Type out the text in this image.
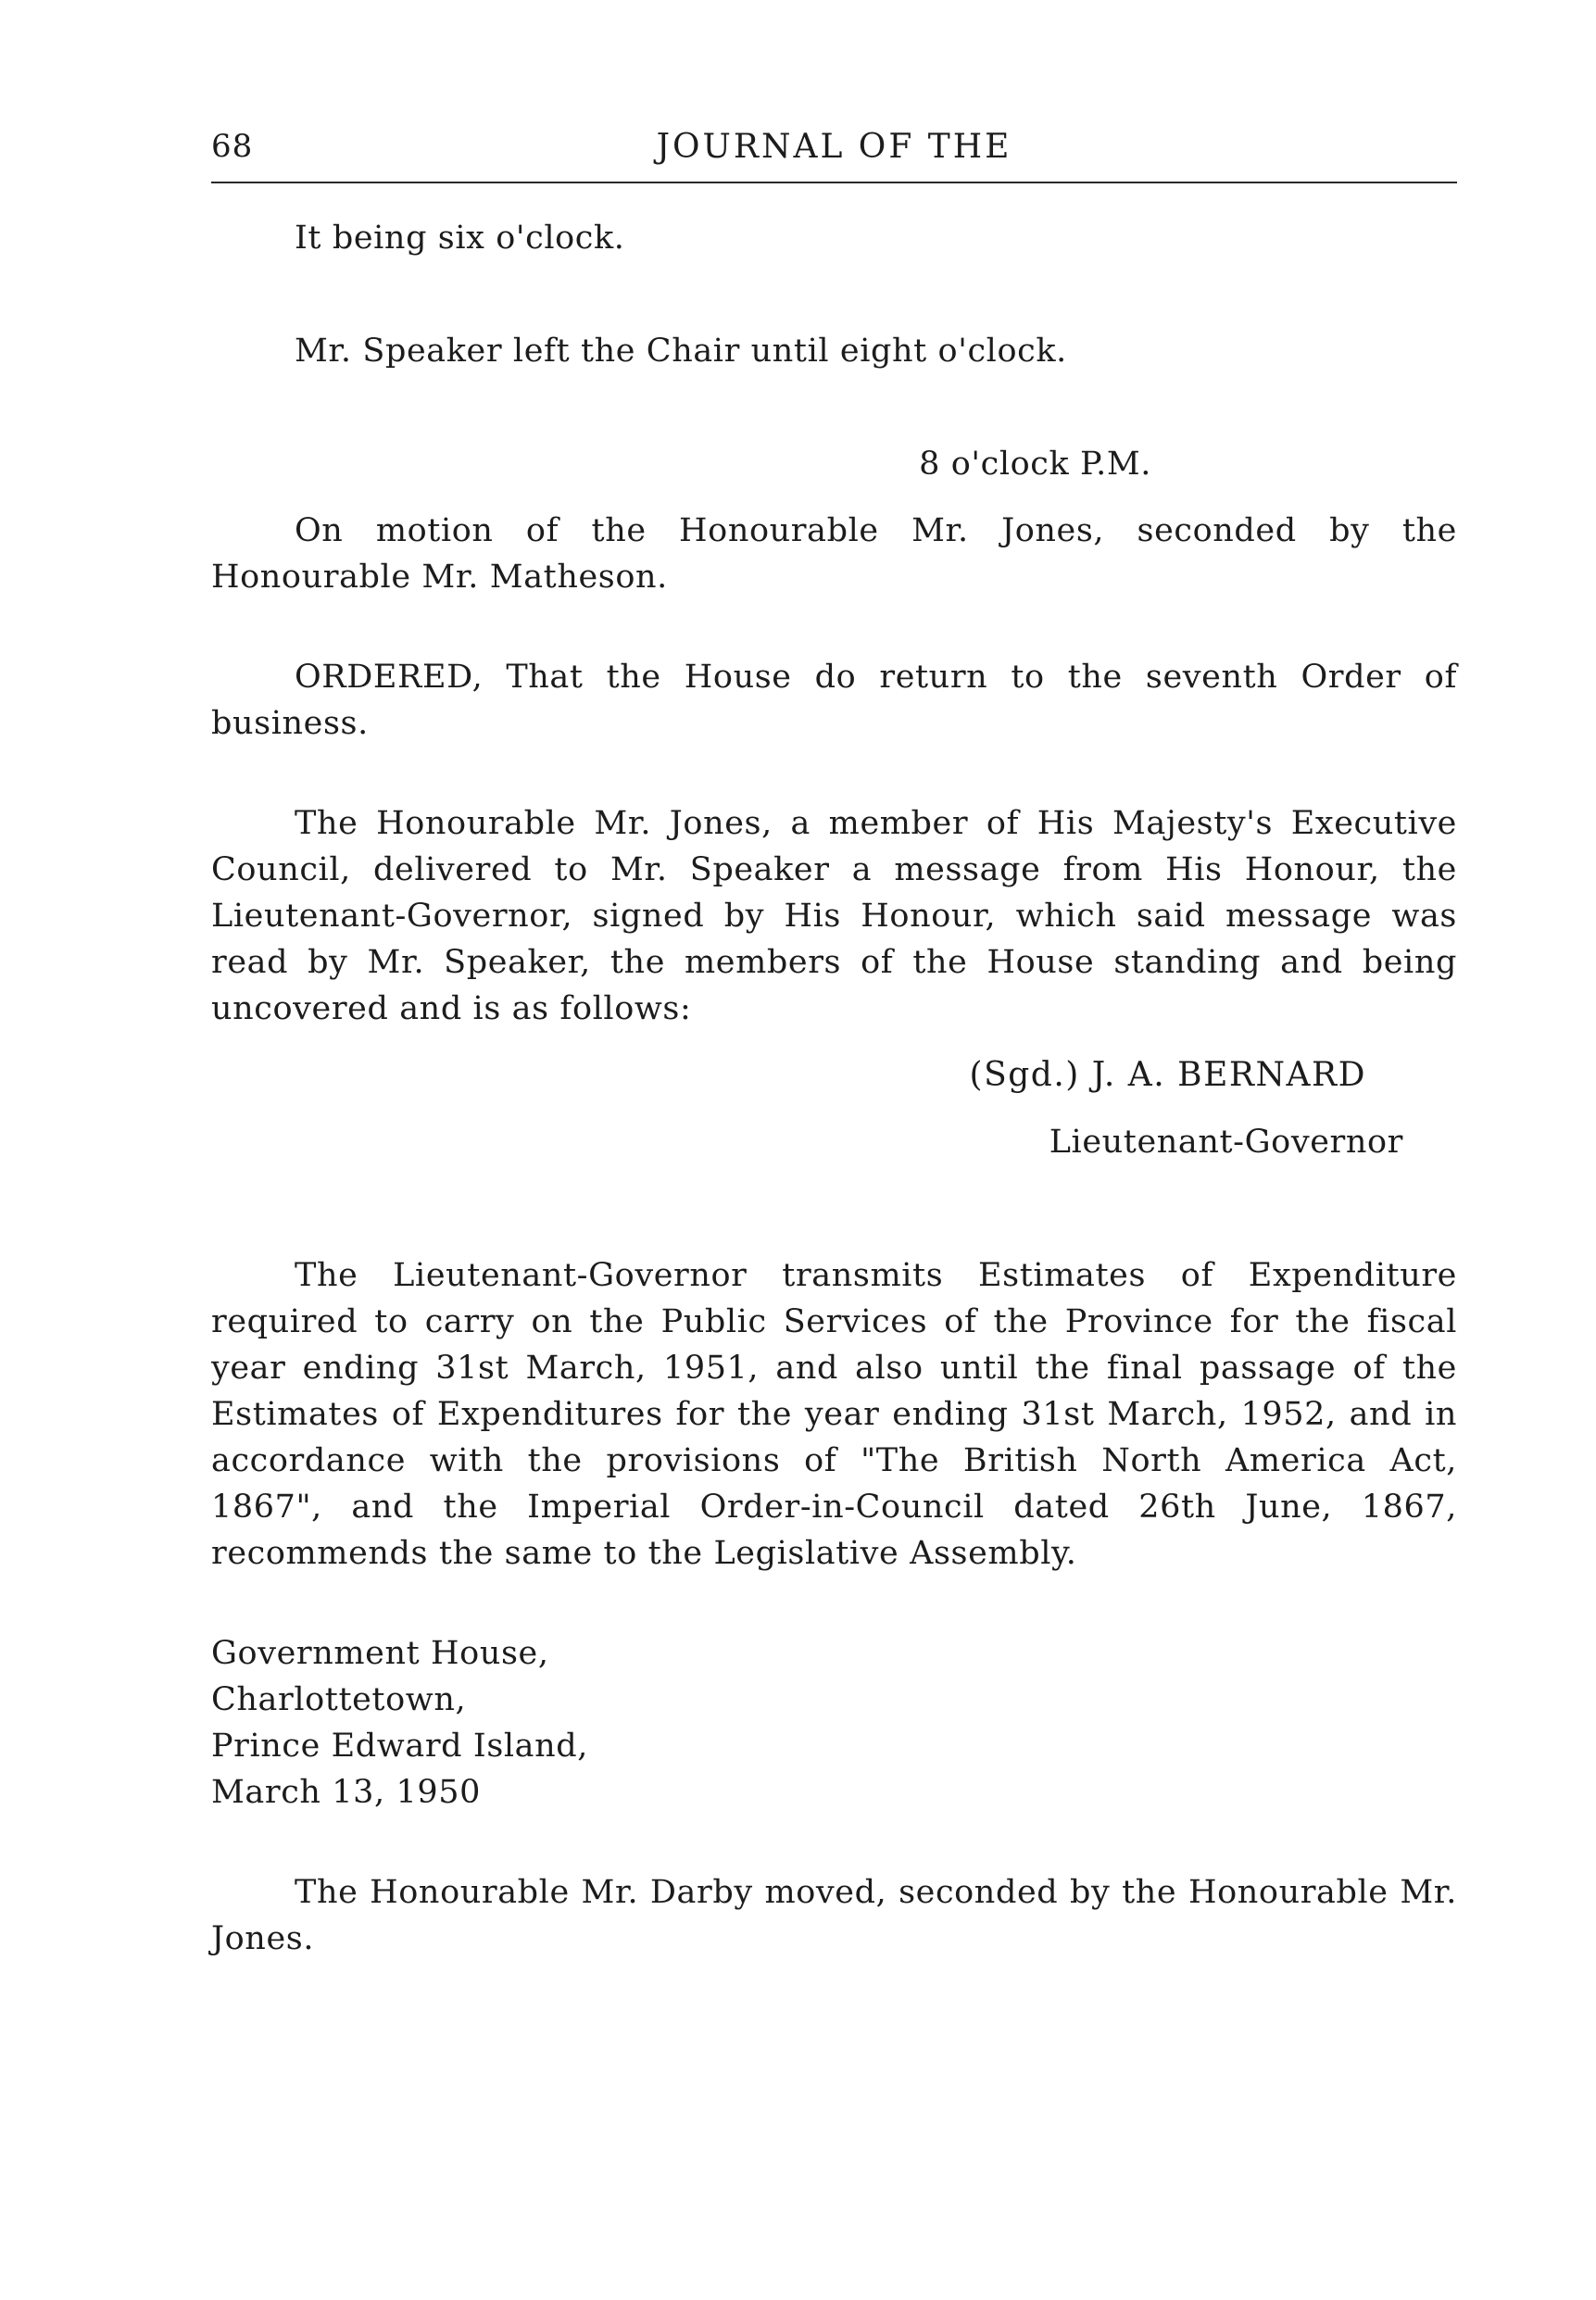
68	JOURNAL OF THE

It being six o'clock.

Mr. Speaker left the Chair until eight o'clock.

8 o'clock P.M.

On motion of the Honourable Mr. Jones, seconded by the Honourable Mr. Matheson.

ORDERED, That the House do return to the seventh Order of business.

The Honourable Mr. Jones, a member of His Majesty's Executive Council, delivered to Mr. Speaker a message from His Honour, the Lieutenant-Governor, signed by His Honour, which said message was read by Mr. Speaker, the members of the House standing and being uncovered and is as follows:

(Sgd.) J. A. BERNARD

Lieutenant-Governor

The Lieutenant-Governor transmits Estimates of Expenditure required to carry on the Public Services of the Province for the fiscal year ending 31st March, 1951, and also until the final passage of the Estimates of Expenditures for the year ending 31st March, 1952, and in accordance with the provisions of "The British North America Act, 1867", and the Imperial Order-in-Council dated 26th June, 1867, recommends the same to the Legislative Assembly.

Government House,
Charlottetown,
Prince Edward Island,
March 13, 1950

The Honourable Mr. Darby moved, seconded by the Honourable Mr. Jones.
